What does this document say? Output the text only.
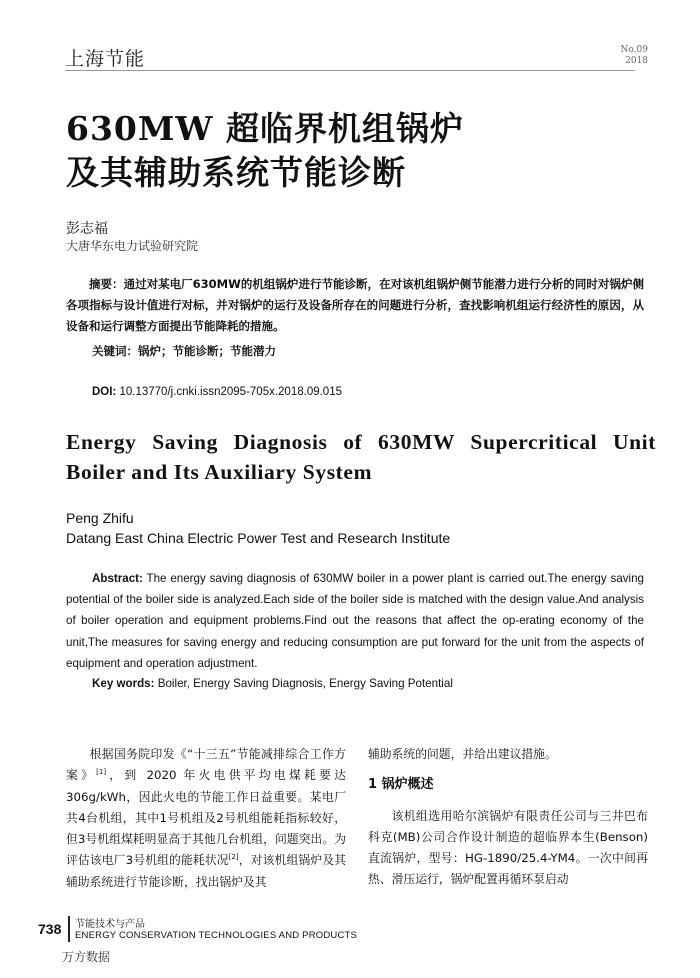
上海节能	No.09
2018
630MW 超临界机组锅炉
及其辅助系统节能诊断
彭志福
大唐华东电力试验研究院
摘要：通过对某电厂630MW的机组锅炉进行节能诊断，在对该机组锅炉侧节能潜力进行分析的同时对锅炉侧各项指标与设计值进行对标，并对锅炉的运行及设备所存在的问题进行分析，查找影响机组运行经济性的原因，从设备和运行调整方面提出节能降耗的措施。
关键词：锅炉；节能诊断；节能潜力
DOI: 10.13770/j.cnki.issn2095-705x.2018.09.015
Energy Saving Diagnosis of 630MW Supercritical Unit Boiler and Its Auxiliary System
Peng Zhifu
Datang East China Electric Power Test and Research Institute
Abstract: The energy saving diagnosis of 630MW boiler in a power plant is carried out.The energy saving potential of the boiler side is analyzed.Each side of the boiler side is matched with the design value.And analysis of boiler operation and equipment problems.Find out the reasons that affect the op-erating economy of the unit,The measures for saving energy and reducing consumption are put forward for the unit from the aspects of equipment and operation adjustment.
Key words: Boiler, Energy Saving Diagnosis, Energy Saving Potential
根据国务院印发《“十三五”节能减排综合工作方案》[1]，到 2020 年火电供平均电煤耗要达306g/kWh，因此火电的节能工作日益重要。某电厂共4台机组，其中1号机组及2号机组能耗指标较好，但3号机组煤耗明显高于其他几台机组，问题突出。为评估该电厂3号机组的能耗状况[2]，对该机组锅炉及其辅助系统进行节能诊断，找出锅炉及其

辅助系统的问题，并给出建议措施。

1 锅炉概述

该机组选用哈尔滨锅炉有限责任公司与三井巴布科克(MB)公司合作设计制造的超临界本生(Benson)直流锅炉，型号：HG-1890/25.4-YM4。一次中间再热、滑压运行，锅炉配置再循环泵启动

738 节能技术与产品
ENERGY CONSERVATION TECHNOLOGIES AND PRODUCTS
万方数据
